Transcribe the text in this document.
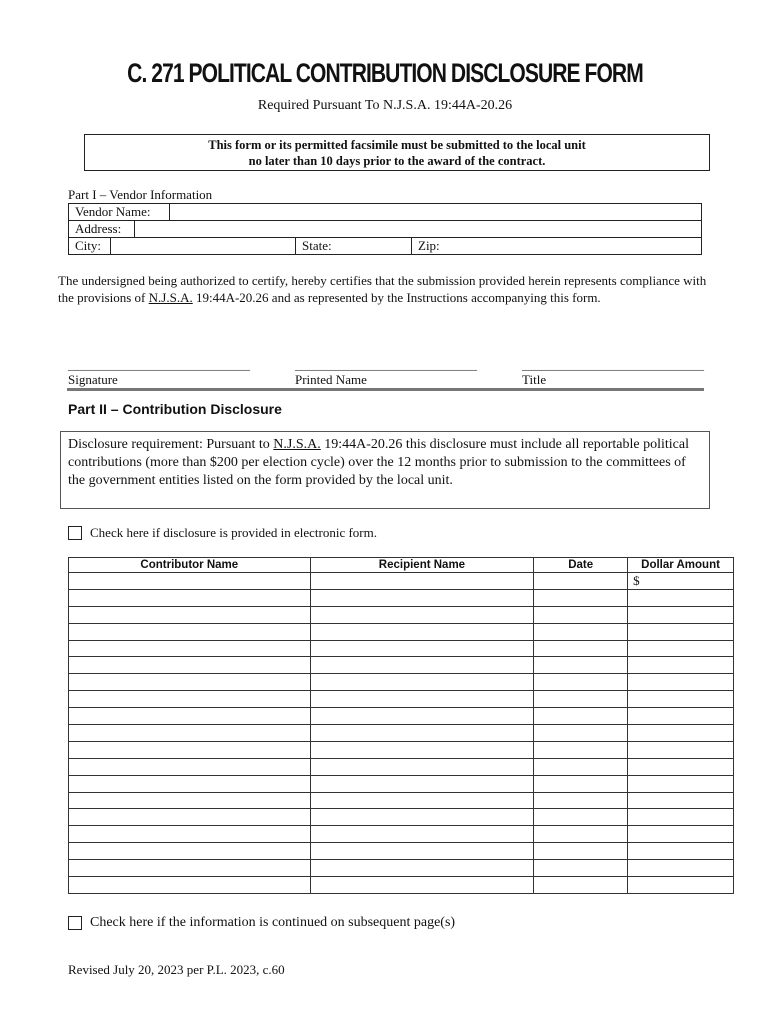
C. 271 POLITICAL CONTRIBUTION DISCLOSURE FORM
Required Pursuant To N.J.S.A. 19:44A-20.26
This form or its permitted facsimile must be submitted to the local unit
no later than 10 days prior to the award of the contract.
Part I – Vendor Information
Vendor Name:
Address:
City:	State:	Zip:
The undersigned being authorized to certify, hereby certifies that the submission provided herein represents compliance with the provisions of N.J.S.A. 19:44A-20.26 and as represented by the Instructions accompanying this form.
____________________________	____________________________	____________________________
Signature	Printed Name	Title
Part II – Contribution Disclosure
Disclosure requirement: Pursuant to N.J.S.A. 19:44A-20.26 this disclosure must include all reportable political contributions (more than $200 per election cycle) over the 12 months prior to submission to the committees of the government entities listed on the form provided by the local unit.
Check here if disclosure is provided in electronic form.
Contributor Name	Recipient Name	Date	Dollar Amount
			$

Check here if the information is continued on subsequent page(s)
Revised July 20, 2023 per P.L. 2023, c.60
